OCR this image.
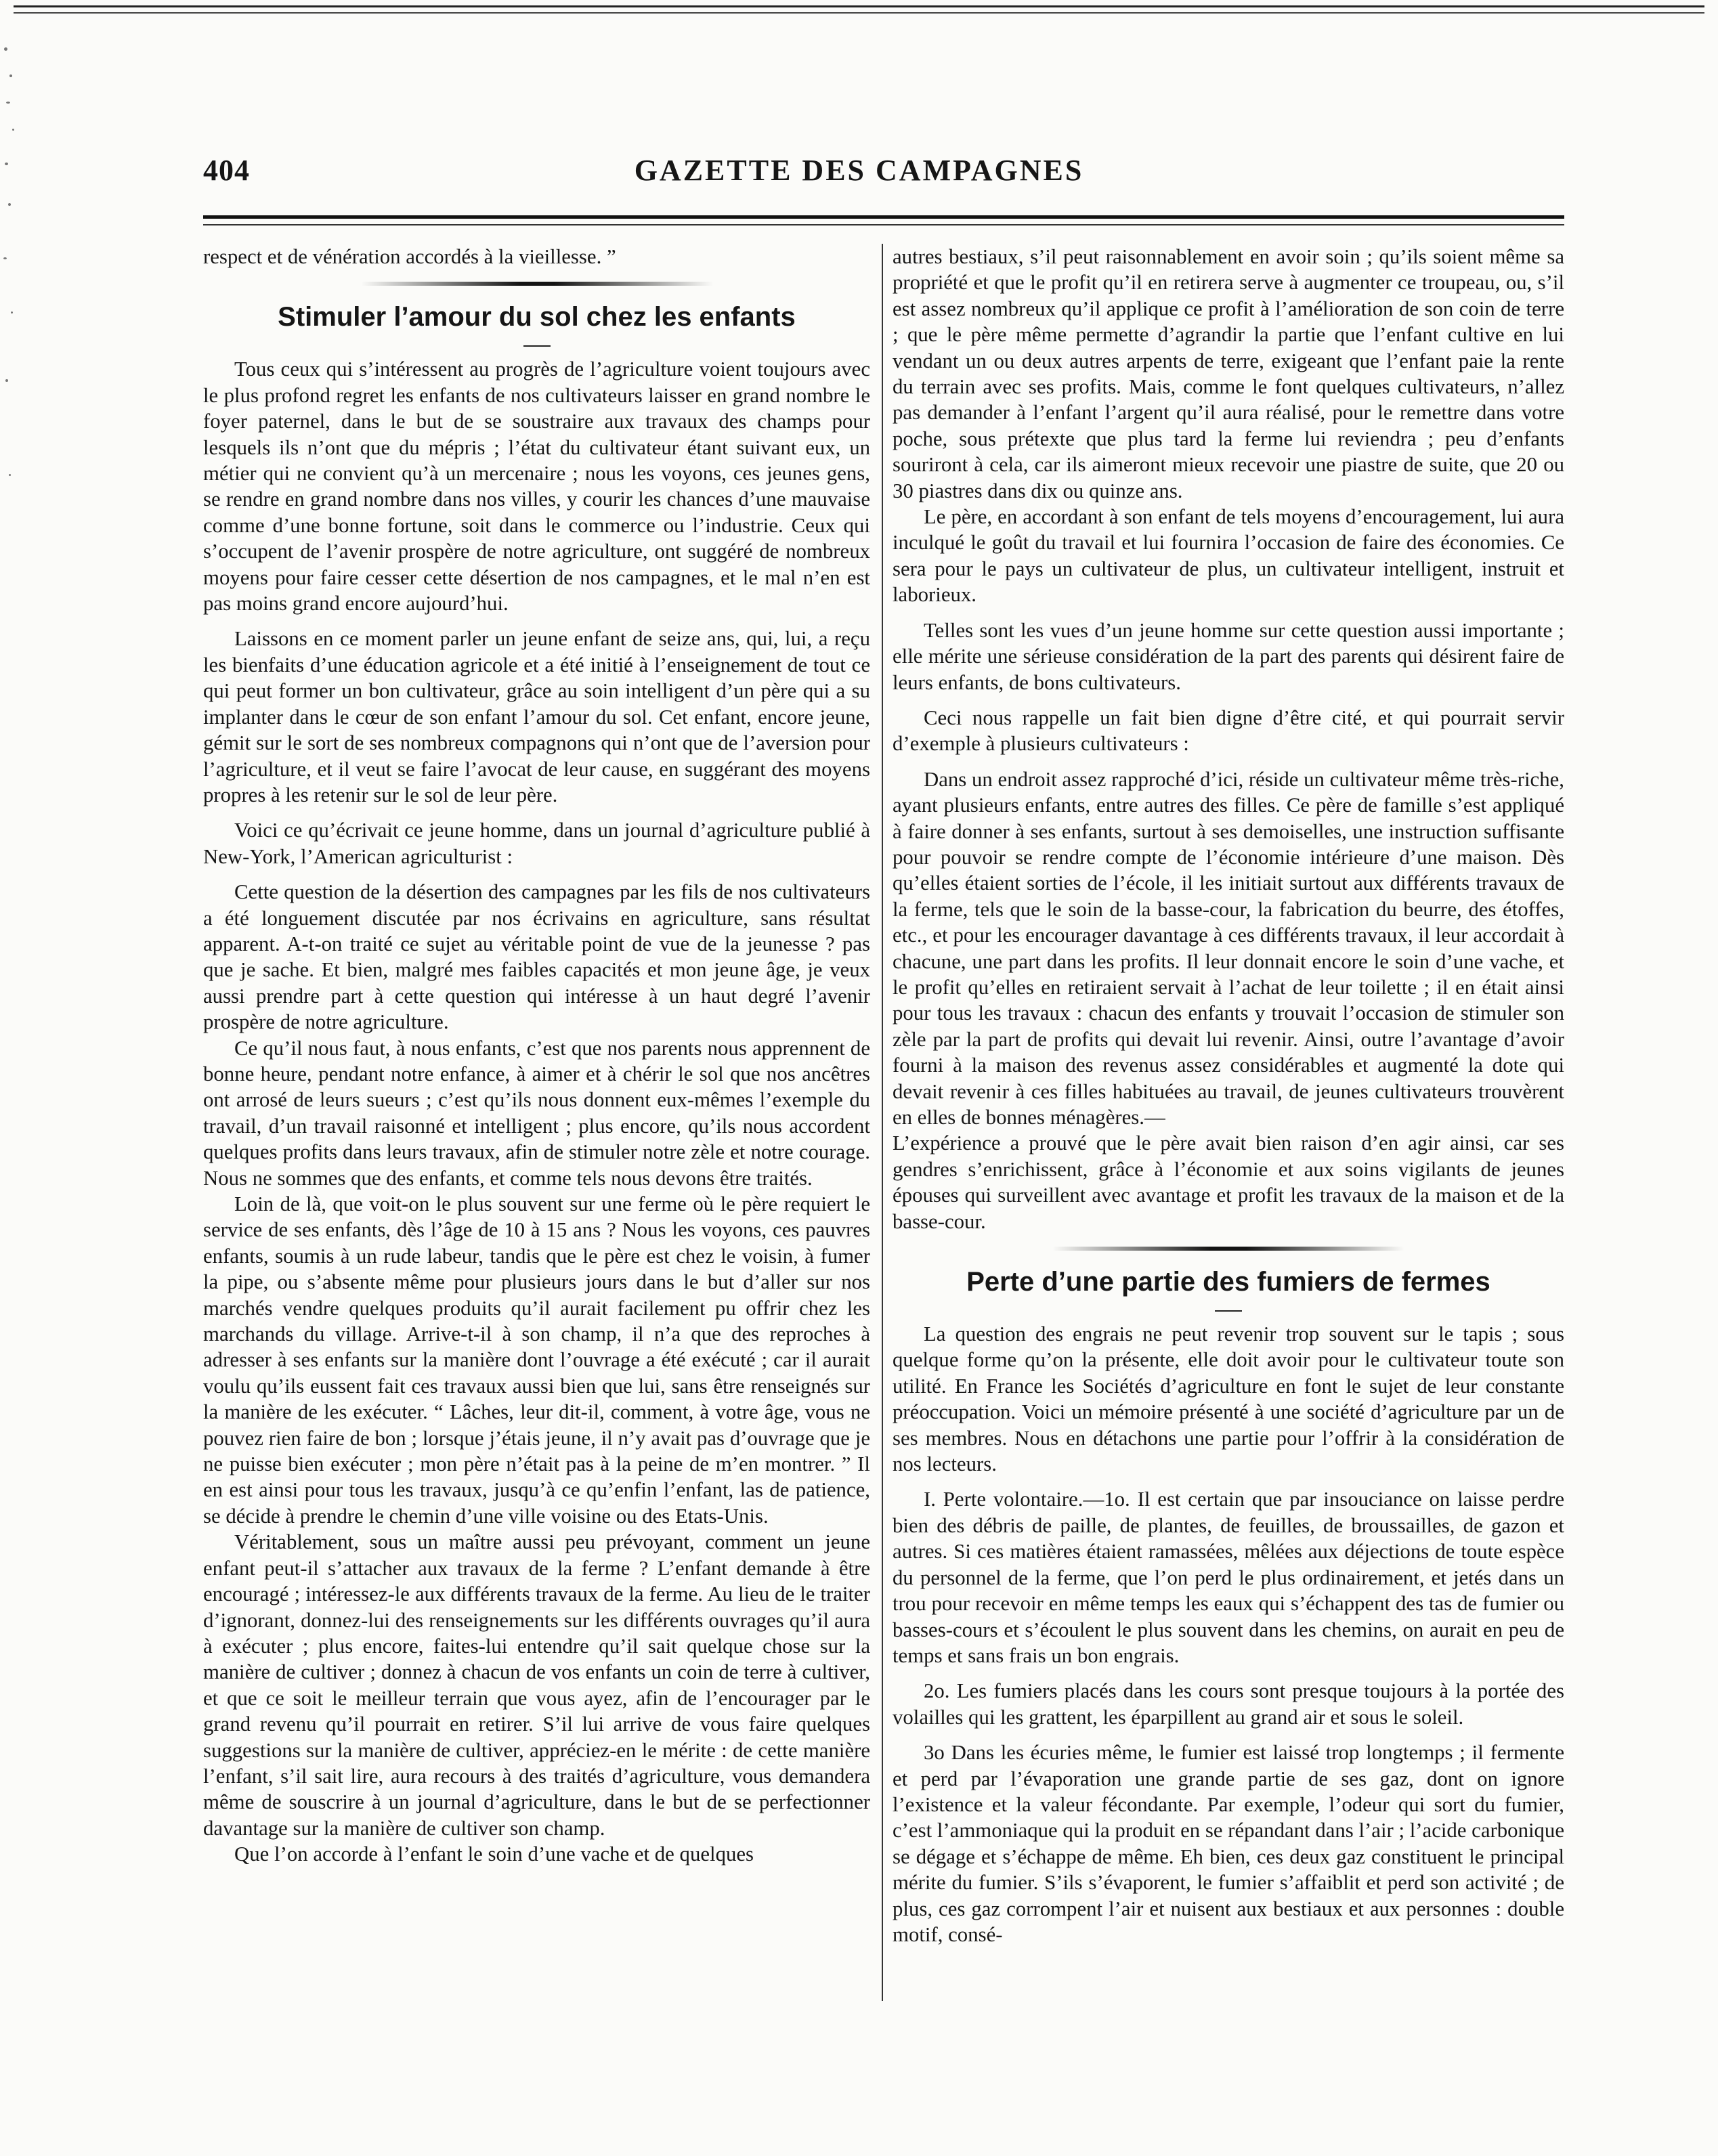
404	GAZETTE DES CAMPAGNES

respect et de vénération accordés à la vieillesse. ”

Stimuler l’amour du sol chez les enfants

Tous ceux qui s’intéressent au progrès de l’agriculture voient toujours avec le plus profond regret les enfants de nos cultivateurs laisser en grand nombre le foyer paternel, dans le but de se soustraire aux travaux des champs pour lesquels ils n’ont que du mépris ; l’état du cultivateur étant suivant eux, un métier qui ne convient qu’à un mercenaire ; nous les voyons, ces jeunes gens, se rendre en grand nombre dans nos villes, y courir les chances d’une mauvaise comme d’une bonne fortune, soit dans le commerce ou l’industrie. Ceux qui s’occupent de l’avenir prospère de notre agriculture, ont suggéré de nombreux moyens pour faire cesser cette désertion de nos campagnes, et le mal n’en est pas moins grand encore aujourd’hui.

Laissons en ce moment parler un jeune enfant de seize ans, qui, lui, a reçu les bienfaits d’une éducation agricole et a été initié à l’enseignement de tout ce qui peut former un bon cultivateur, grâce au soin intelligent d’un père qui a su implanter dans le cœur de son enfant l’amour du sol. Cet enfant, encore jeune, gémit sur le sort de ses nombreux compagnons qui n’ont que de l’aversion pour l’agriculture, et il veut se faire l’avocat de leur cause, en suggérant des moyens propres à les retenir sur le sol de leur père.

Voici ce qu’écrivait ce jeune homme, dans un journal d’agriculture publié à New-York, l’American agriculturist :

Cette question de la désertion des campagnes par les fils de nos cultivateurs a été longuement discutée par nos écrivains en agriculture, sans résultat apparent. A-t-on traité ce sujet au véritable point de vue de la jeunesse ? pas que je sache. Et bien, malgré mes faibles capacités et mon jeune âge, je veux aussi prendre part à cette question qui intéresse à un haut degré l’avenir prospère de notre agriculture.

Ce qu’il nous faut, à nous enfants, c’est que nos parents nous apprennent de bonne heure, pendant notre enfance, à aimer et à chérir le sol que nos ancêtres ont arrosé de leurs sueurs ; c’est qu’ils nous donnent eux-mêmes l’exemple du travail, d’un travail raisonné et intelligent ; plus encore, qu’ils nous accordent quelques profits dans leurs travaux, afin de stimuler notre zèle et notre courage. Nous ne sommes que des enfants, et comme tels nous devons être traités.

Loin de là, que voit-on le plus souvent sur une ferme où le père requiert le service de ses enfants, dès l’âge de 10 à 15 ans ? Nous les voyons, ces pauvres enfants, soumis à un rude labeur, tandis que le père est chez le voisin, à fumer la pipe, ou s’absente même pour plusieurs jours dans le but d’aller sur nos marchés vendre quelques produits qu’il aurait facilement pu offrir chez les marchands du village. Arrive-t-il à son champ, il n’a que des reproches à adresser à ses enfants sur la manière dont l’ouvrage a été exécuté ; car il aurait voulu qu’ils eussent fait ces travaux aussi bien que lui, sans être renseignés sur la manière de les exécuter. “ Lâches, leur dit-il, comment, à votre âge, vous ne pouvez rien faire de bon ; lorsque j’étais jeune, il n’y avait pas d’ouvrage que je ne puisse bien exécuter ; mon père n’était pas à la peine de m’en montrer. ” Il en est ainsi pour tous les travaux, jusqu’à ce qu’enfin l’enfant, las de patience, se décide à prendre le chemin d’une ville voisine ou des Etats-Unis.

Véritablement, sous un maître aussi peu prévoyant, comment un jeune enfant peut-il s’attacher aux travaux de la ferme ? L’enfant demande à être encouragé ; intéressez-le aux différents travaux de la ferme. Au lieu de le traiter d’ignorant, donnez-lui des renseignements sur les différents ouvrages qu’il aura à exécuter ; plus encore, faites-lui entendre qu’il sait quelque chose sur la manière de cultiver ; donnez à chacun de vos enfants un coin de terre à cultiver, et que ce soit le meilleur terrain que vous ayez, afin de l’encourager par le grand revenu qu’il pourrait en retirer. S’il lui arrive de vous faire quelques suggestions sur la manière de cultiver, appréciez-en le mérite : de cette manière l’enfant, s’il sait lire, aura recours à des traités d’agriculture, vous demandera même de souscrire à un journal d’agriculture, dans le but de se perfectionner davantage sur la manière de cultiver son champ.

Que l’on accorde à l’enfant le soin d’une vache et de quelques

autres bestiaux, s’il peut raisonnablement en avoir soin ; qu’ils soient même sa propriété et que le profit qu’il en retirera serve à augmenter ce troupeau, ou, s’il est assez nombreux qu’il applique ce profit à l’amélioration de son coin de terre ; que le père même permette d’agrandir la partie que l’enfant cultive en lui vendant un ou deux autres arpents de terre, exigeant que l’enfant paie la rente du terrain avec ses profits. Mais, comme le font quelques cultivateurs, n’allez pas demander à l’enfant l’argent qu’il aura réalisé, pour le remettre dans votre poche, sous prétexte que plus tard la ferme lui reviendra ; peu d’enfants souriront à cela, car ils aimeront mieux recevoir une piastre de suite, que 20 ou 30 piastres dans dix ou quinze ans.

Le père, en accordant à son enfant de tels moyens d’encouragement, lui aura inculqué le goût du travail et lui fournira l’occasion de faire des économies. Ce sera pour le pays un cultivateur de plus, un cultivateur intelligent, instruit et laborieux.

Telles sont les vues d’un jeune homme sur cette question aussi importante ; elle mérite une sérieuse considération de la part des parents qui désirent faire de leurs enfants, de bons cultivateurs.

Ceci nous rappelle un fait bien digne d’être cité, et qui pourrait servir d’exemple à plusieurs cultivateurs :

Dans un endroit assez rapproché d’ici, réside un cultivateur même très-riche, ayant plusieurs enfants, entre autres des filles. Ce père de famille s’est appliqué à faire donner à ses enfants, surtout à ses demoiselles, une instruction suffisante pour pouvoir se rendre compte de l’économie intérieure d’une maison. Dès qu’elles étaient sorties de l’école, il les initiait surtout aux différents travaux de la ferme, tels que le soin de la basse-cour, la fabrication du beurre, des étoffes, etc., et pour les encourager davantage à ces différents travaux, il leur accordait à chacune, une part dans les profits. Il leur donnait encore le soin d’une vache, et le profit qu’elles en retiraient servait à l’achat de leur toilette ; il en était ainsi pour tous les travaux : chacun des enfants y trouvait l’occasion de stimuler son zèle par la part de profits qui devait lui revenir. Ainsi, outre l’avantage d’avoir fourni à la maison des revenus assez considérables et augmenté la dote qui devait revenir à ces filles habituées au travail, de jeunes cultivateurs trouvèrent en elles de bonnes ménagères.—

L’expérience a prouvé que le père avait bien raison d’en agir ainsi, car ses gendres s’enrichissent, grâce à l’économie et aux soins vigilants de jeunes épouses qui surveillent avec avantage et profit les travaux de la maison et de la basse-cour.

Perte d’une partie des fumiers de fermes

La question des engrais ne peut revenir trop souvent sur le tapis ; sous quelque forme qu’on la présente, elle doit avoir pour le cultivateur toute son utilité. En France les Sociétés d’agriculture en font le sujet de leur constante préoccupation. Voici un mémoire présenté à une société d’agriculture par un de ses membres. Nous en détachons une partie pour l’offrir à la considération de nos lecteurs.

I. Perte volontaire.—1o. Il est certain que par insouciance on laisse perdre bien des débris de paille, de plantes, de feuilles, de broussailles, de gazon et autres. Si ces matières étaient ramassées, mêlées aux déjections de toute espèce du personnel de la ferme, que l’on perd le plus ordinairement, et jetés dans un trou pour recevoir en même temps les eaux qui s’échappent des tas de fumier ou basses-cours et s’écoulent le plus souvent dans les chemins, on aurait en peu de temps et sans frais un bon engrais.

2o. Les fumiers placés dans les cours sont presque toujours à la portée des volailles qui les grattent, les éparpillent au grand air et sous le soleil.

3o Dans les écuries même, le fumier est laissé trop longtemps ; il fermente et perd par l’évaporation une grande partie de ses gaz, dont on ignore l’existence et la valeur fécondante. Par exemple, l’odeur qui sort du fumier, c’est l’ammoniaque qui la produit en se répandant dans l’air ; l’acide carbonique se dégage et s’échappe de même. Eh bien, ces deux gaz constituent le principal mérite du fumier. S’ils s’évaporent, le fumier s’affaiblit et perd son activité ; de plus, ces gaz corrompent l’air et nuisent aux bestiaux et aux personnes : double motif, consé-
